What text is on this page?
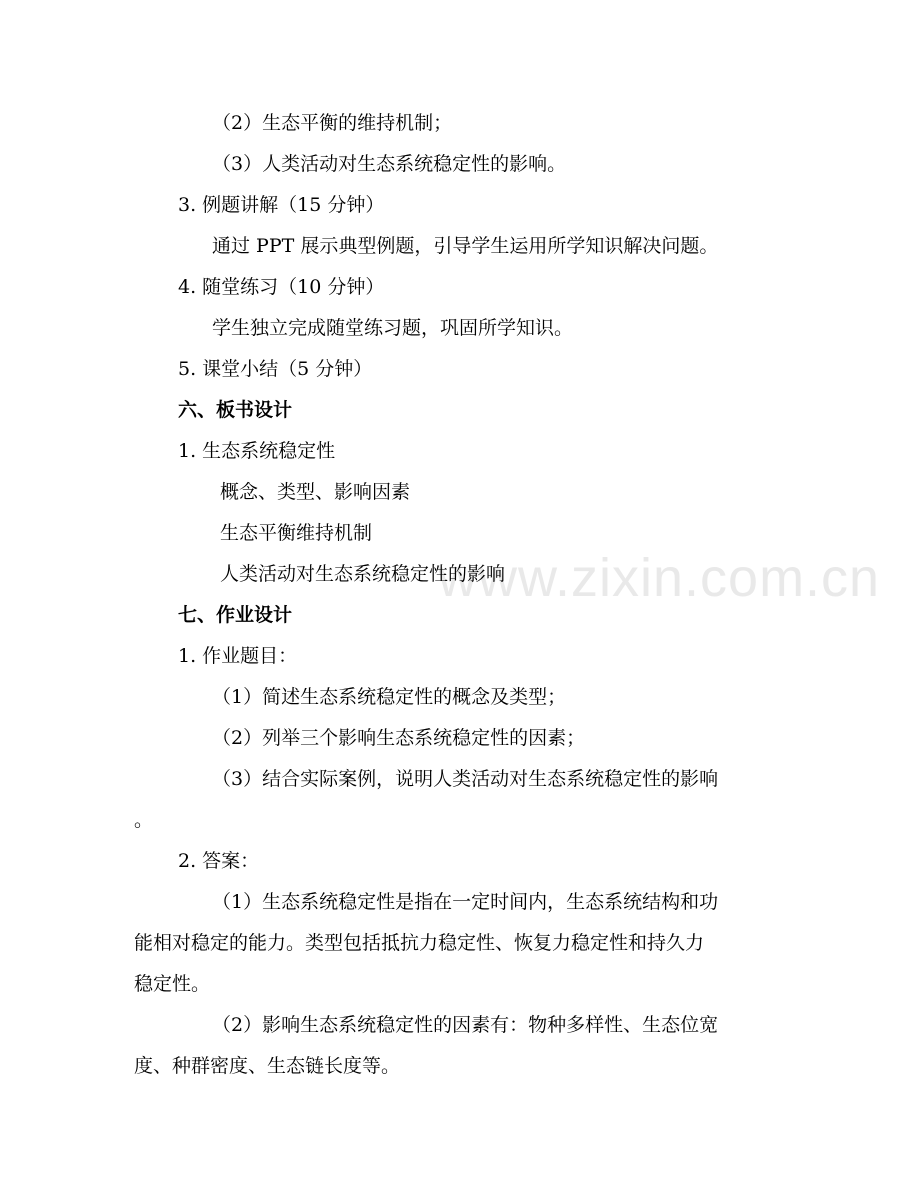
www.zixin.com.cn
（2）生态平衡的维持机制；
（3）人类活动对生态系统稳定性的影响。
3. 例题讲解（15 分钟）
通过 PPT 展示典型例题，引导学生运用所学知识解决问题。
4. 随堂练习（10 分钟）
学生独立完成随堂练习题，巩固所学知识。
5. 课堂小结（5 分钟）
六、板书设计
1. 生态系统稳定性
概念、类型、影响因素
生态平衡维持机制
人类活动对生态系统稳定性的影响
七、作业设计
1. 作业题目：
（1）简述生态系统稳定性的概念及类型；
（2）列举三个影响生态系统稳定性的因素；
（3）结合实际案例，说明人类活动对生态系统稳定性的影响
。
2. 答案：
（1）生态系统稳定性是指在一定时间内，生态系统结构和功
能相对稳定的能力。类型包括抵抗力稳定性、恢复力稳定性和持久力
稳定性。
（2）影响生态系统稳定性的因素有：物种多样性、生态位宽
度、种群密度、生态链长度等。
